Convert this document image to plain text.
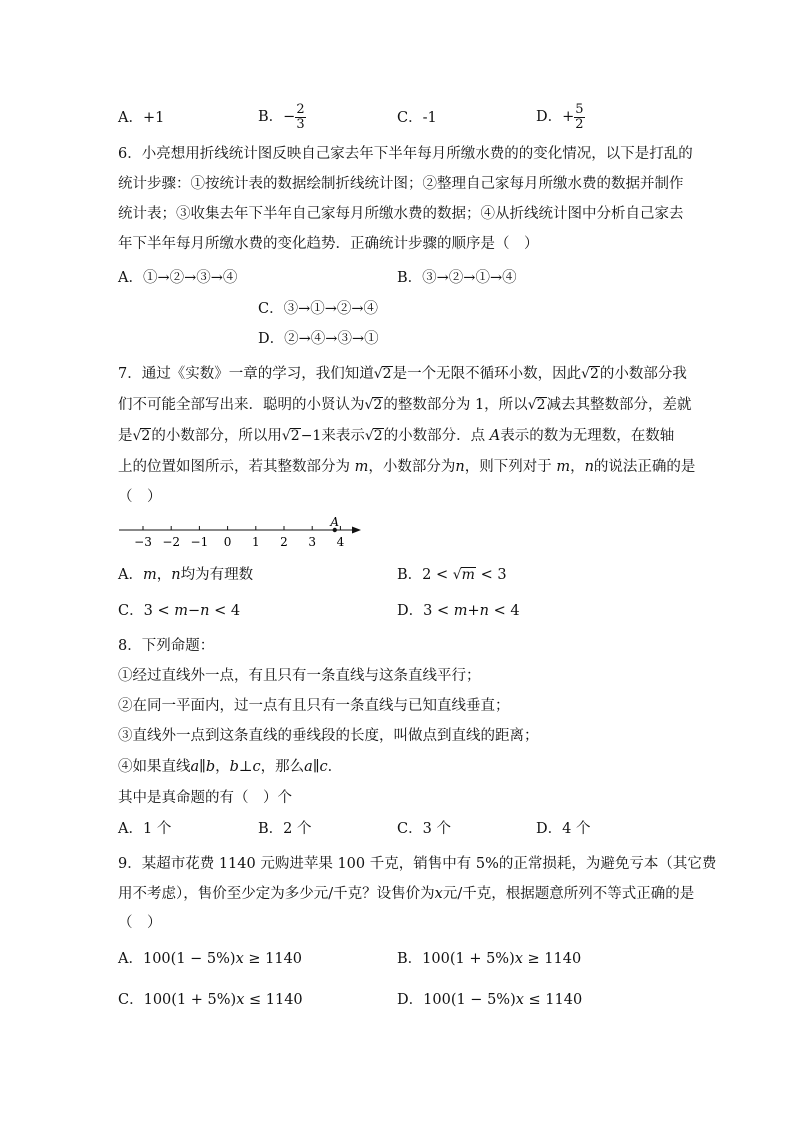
A．+1	B．− $\frac{2}{3}$	C．-1	D．+ $\frac{5}{2}$
6．小亮想用折线统计图反映自己家去年下半年每月所缴水费的的变化情况，以下是打乱的
统计步骤：①按统计表的数据绘制折线统计图；②整理自己家每月所缴水费的数据并制作
统计表；③收集去年下半年自己家每月所缴水费的数据；④从折线统计图中分析自己家去
年下半年每月所缴水费的变化趋势．正确统计步骤的顺序是（　）
A．①→②→③→④	B．③→②→①→④
C．③→①→②→④
D．②→④→③→①
7．通过《实数》一章的学习，我们知道√2是一个无限不循环小数，因此√2的小数部分我
们不可能全部写出来．聪明的小贤认为√2的整数部分为 1，所以√2减去其整数部分，差就
是√2的小数部分，所以用√2−1来表示√2的小数部分．点 A表示的数为无理数，在数轴
上的位置如图所示，若其整数部分为 m，小数部分为n，则下列对于 m，n的说法正确的是
（　）
−3 −2 −1 0 1 2 3 4
A
A．m，n均为有理数	B．2 < √m < 3
C．3 < m−n < 4	D．3 < m+n < 4
8．下列命题：
①经过直线外一点，有且只有一条直线与这条直线平行；
②在同一平面内，过一点有且只有一条直线与已知直线垂直；
③直线外一点到这条直线的垂线段的长度，叫做点到直线的距离；
④如果直线a∥b，b⊥c，那么a∥c．
其中是真命题的有（　）个
A．1 个	B．2 个	C．3 个	D．4 个
9．某超市花费 1140 元购进苹果 100 千克，销售中有 5%的正常损耗，为避免亏本（其它费
用不考虑），售价至少定为多少元/千克？设售价为x元/千克，根据题意所列不等式正确的是
（　）
A．100(1 − 5%)x ≥ 1140	B．100(1 + 5%)x ≥ 1140
C．100(1 + 5%)x ≤ 1140	D．100(1 − 5%)x ≤ 1140
